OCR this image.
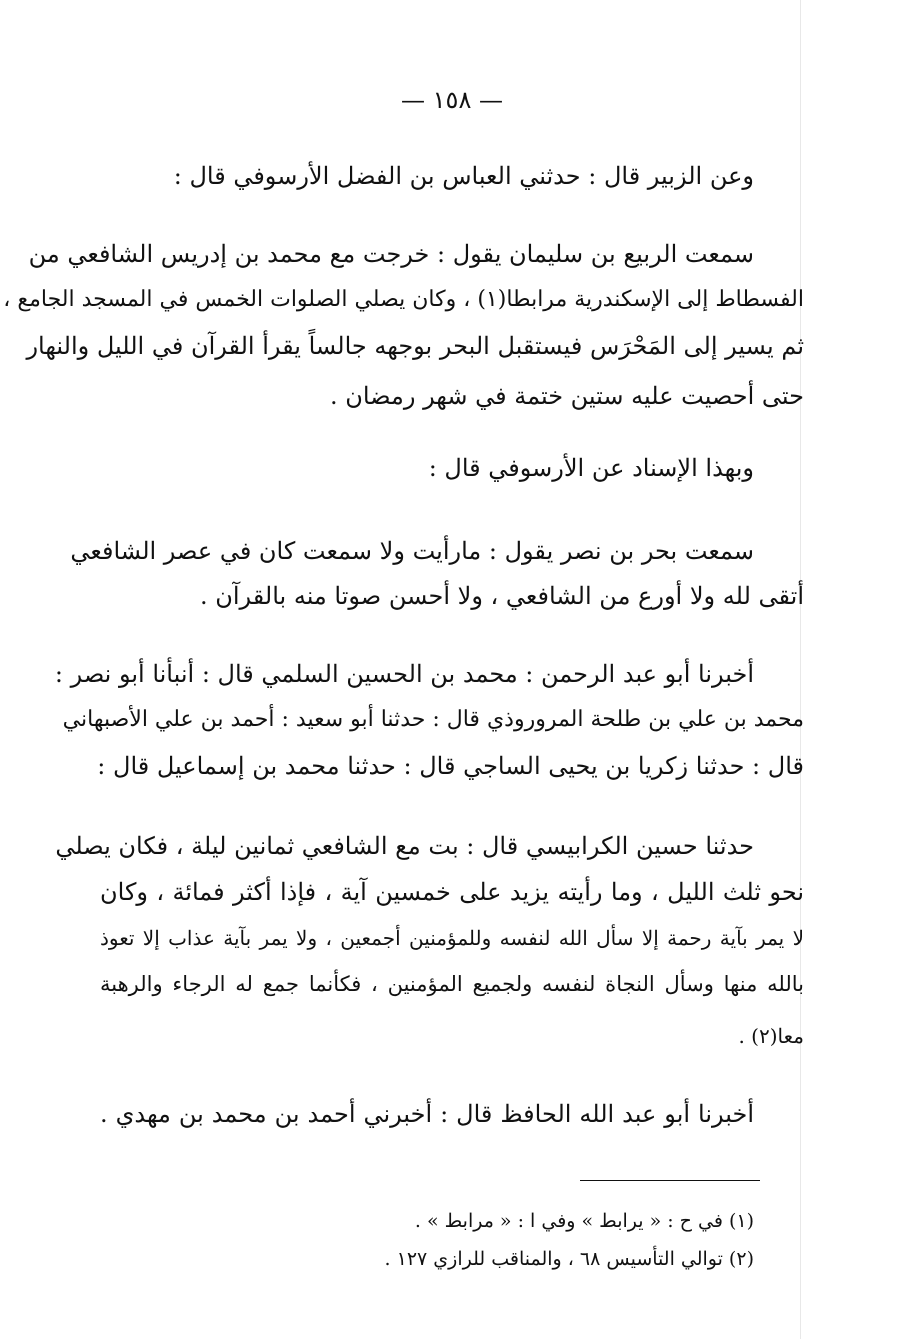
— ١٥٨ —
وعن الزبير قال : حدثني العباس بن الفضل الأرسوفي قال :
سمعت الربيع بن سليمان يقول : خرجت مع محمد بن إدريس الشافعي من
الفسطاط إلى الإسكندرية مرابطا(١) ، وكان يصلي الصلوات الخمس في المسجد الجامع ،
ثم يسير إلى المَحْرَس فيستقبل البحر بوجهه جالساً يقرأ القرآن في الليل والنهار
حتى أحصيت عليه ستين ختمة في شهر رمضان .
وبهذا الإسناد عن الأرسوفي قال :
سمعت بحر بن نصر يقول : مارأيت ولا سمعت كان في عصر الشافعي
أتقى لله ولا أورع من الشافعي ، ولا أحسن صوتا منه بالقرآن .
أخبرنا أبو عبد الرحمن : محمد بن الحسين السلمي قال : أنبأنا أبو نصر :
محمد بن علي بن طلحة المروروذي قال : حدثنا أبو سعيد : أحمد بن علي الأصبهاني
قال : حدثنا زكريا بن يحيى الساجي قال : حدثنا محمد بن إسماعيل قال :
حدثنا حسين الكرابيسي قال : بت مع الشافعي ثمانين ليلة ، فكان يصلي
نحو ثلث الليل ، وما رأيته يزيد على خمسين آية ، فإذا أكثر فمائة ، وكان
لا يمر بآية رحمة إلا سأل الله لنفسه وللمؤمنين أجمعين ، ولا يمر بآية عذاب إلا تعوذ
بالله منها وسأل النجاة لنفسه ولجميع المؤمنين ، فكأنما جمع له الرجاء والرهبة
معا(٢) .
أخبرنا أبو عبد الله الحافظ قال : أخبرني أحمد بن محمد بن مهدي .
(١) في ح : « يرابط » وفي ا : « مرابط » .
(٢) توالي التأسيس ٦٨ ، والمناقب للرازي ١٢٧ .
